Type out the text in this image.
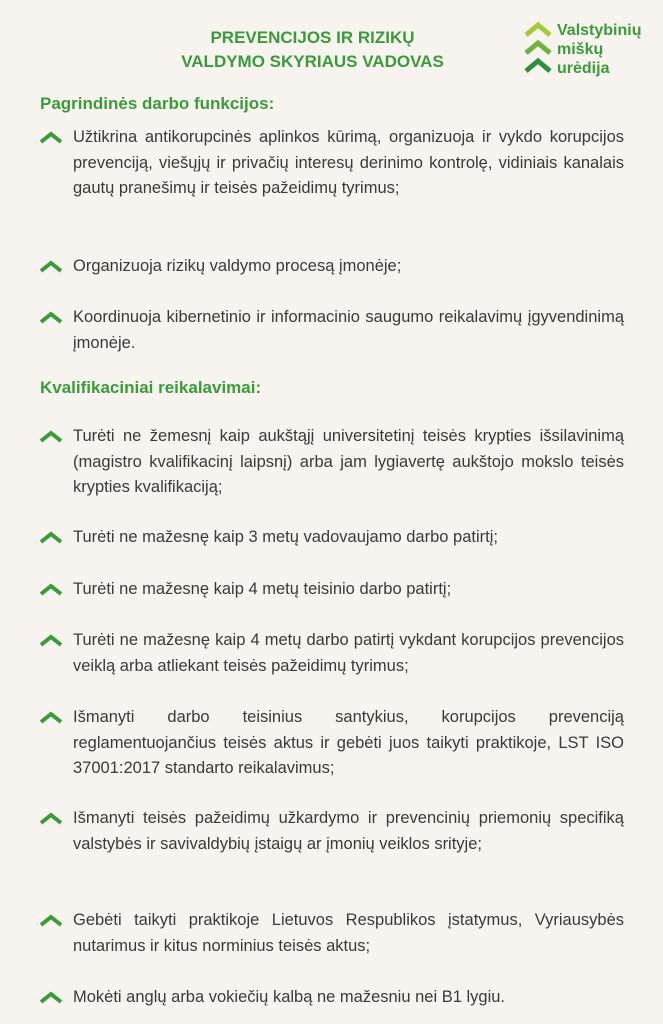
PREVENCIJOS IR RIZIKŲ
VALDYMO SKYRIAUS VADOVAS
Valstybinių
miškų
urėdija
Pagrindinės darbo funkcijos:
Užtikrina antikorupcinės aplinkos kūrimą, organizuoja ir vykdo korupcijos prevenciją, viešųjų ir privačių interesų derinimo kontrolę, vidiniais kanalais gautų pranešimų ir teisės pažeidimų tyrimus;
Organizuoja rizikų valdymo procesą įmonėje;
Koordinuoja kibernetinio ir informacinio saugumo reikalavimų įgyvendinimą įmonėje.
Kvalifikaciniai reikalavimai:
Turėti ne žemesnį kaip aukštąjį universitetinį teisės krypties išsilavinimą (magistro kvalifikacinį laipsnį) arba jam lygiavertę aukštojo mokslo teisės krypties kvalifikaciją;
Turėti ne mažesnę kaip 3 metų vadovaujamo darbo patirtį;
Turėti ne mažesnę kaip 4 metų teisinio darbo patirtį;
Turėti ne mažesnę kaip 4 metų darbo patirtį vykdant korupcijos prevencijos veiklą arba atliekant teisės pažeidimų tyrimus;
Išmanyti darbo teisinius santykius, korupcijos prevenciją reglamentuojančius teisės aktus ir gebėti juos taikyti praktikoje, LST ISO 37001:2017 standarto reikalavimus;
Išmanyti teisės pažeidimų užkardymo ir prevencinių priemonių specifiką valstybės ir savivaldybių įstaigų ar įmonių veiklos srityje;
Gebėti taikyti praktikoje Lietuvos Respublikos įstatymus, Vyriausybės nutarimus ir kitus norminius teisės aktus;
Mokėti anglų arba vokiečių kalbą ne mažesniu nei B1 lygiu.
